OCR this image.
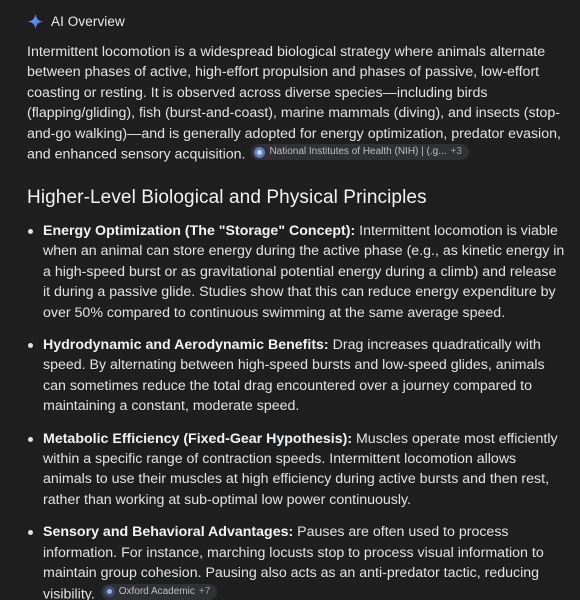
AI Overview
Intermittent locomotion is a widespread biological strategy where animals alternate between phases of active, high-effort propulsion and phases of passive, low-effort coasting or resting. It is observed across diverse species—including birds (flapping/gliding), fish (burst-and-coast), marine mammals (diving), and insects (stop-and-go walking)—and is generally adopted for energy optimization, predator evasion, and enhanced sensory acquisition. National Institutes of Health (NIH) | (.g... +3
Higher-Level Biological and Physical Principles
Energy Optimization (The "Storage" Concept): Intermittent locomotion is viable when an animal can store energy during the active phase (e.g., as kinetic energy in a high-speed burst or as gravitational potential energy during a climb) and release it during a passive glide. Studies show that this can reduce energy expenditure by over 50% compared to continuous swimming at the same average speed.
Hydrodynamic and Aerodynamic Benefits: Drag increases quadratically with speed. By alternating between high-speed bursts and low-speed glides, animals can sometimes reduce the total drag encountered over a journey compared to maintaining a constant, moderate speed.
Metabolic Efficiency (Fixed-Gear Hypothesis): Muscles operate most efficiently within a specific range of contraction speeds. Intermittent locomotion allows animals to use their muscles at high efficiency during active bursts and then rest, rather than working at sub-optimal low power continuously.
Sensory and Behavioral Advantages: Pauses are often used to process information. For instance, marching locusts stop to process visual information to maintain group cohesion. Pausing also acts as an anti-predator tactic, reducing visibility. Oxford Academic +7
